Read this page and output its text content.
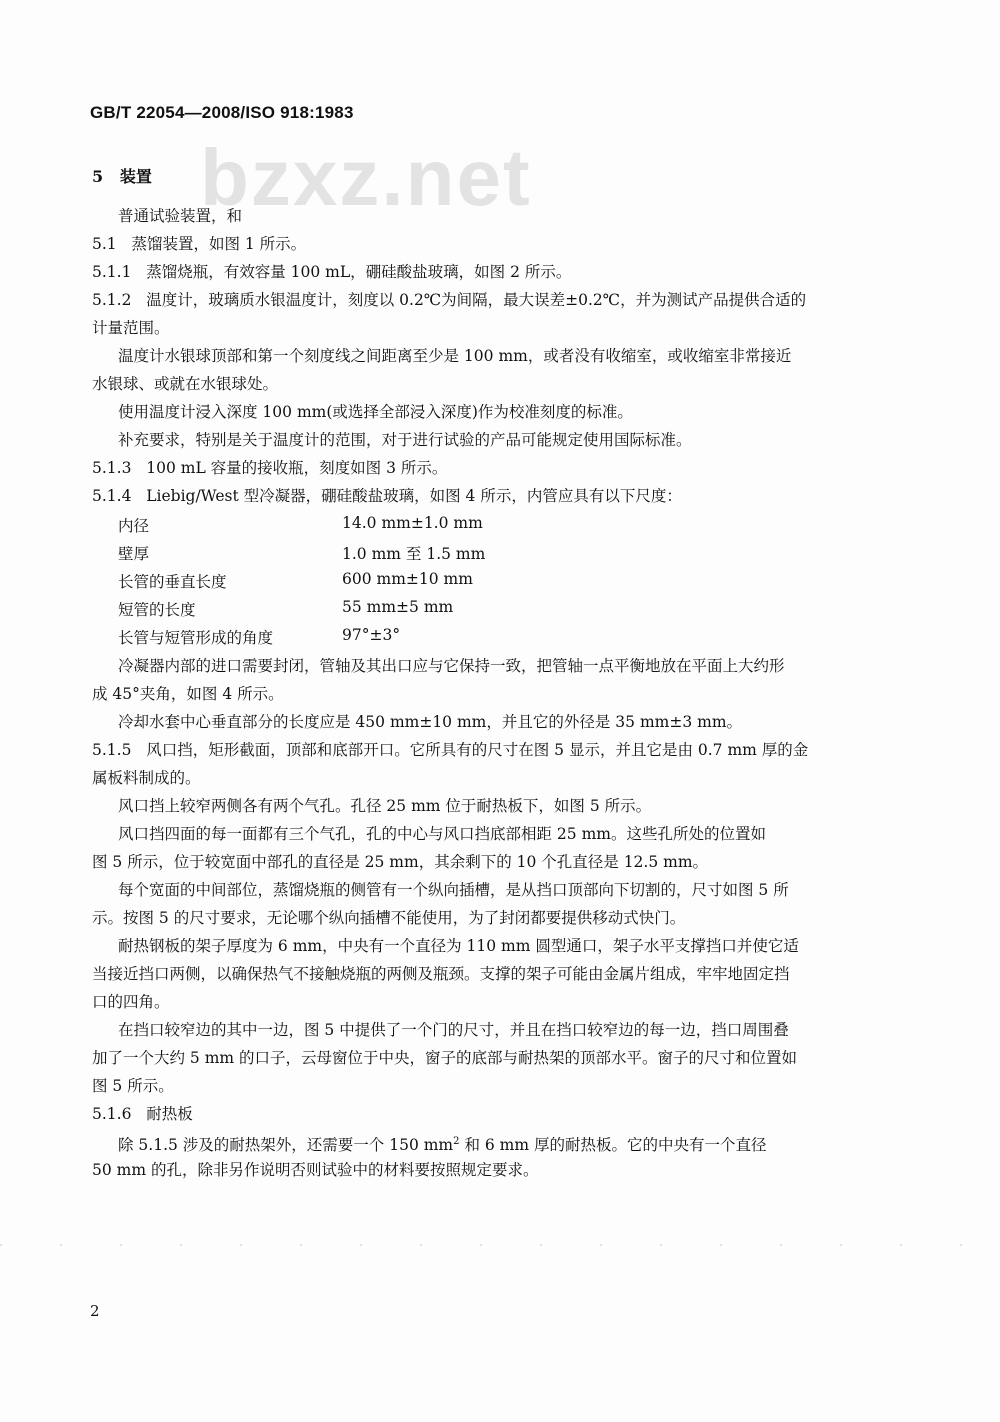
bzxz.net
GB/T 22054—2008/ISO 918:1983
5 装置
普通试验装置，和
5.1 蒸馏装置，如图 1 所示。
5.1.1 蒸馏烧瓶，有效容量 100 mL，硼硅酸盐玻璃，如图 2 所示。
5.1.2 温度计，玻璃质水银温度计，刻度以 0.2℃为间隔，最大误差±0.2℃，并为测试产品提供合适的
计量范围。
温度计水银球顶部和第一个刻度线之间距离至少是 100 mm，或者没有收缩室，或收缩室非常接近
水银球、或就在水银球处。
使用温度计浸入深度 100 mm(或选择全部浸入深度)作为校准刻度的标准。
补充要求，特别是关于温度计的范围，对于进行试验的产品可能规定使用国际标准。
5.1.3 100 mL 容量的接收瓶，刻度如图 3 所示。
5.1.4 Liebig/West 型冷凝器，硼硅酸盐玻璃，如图 4 所示，内管应具有以下尺度：
内径	14.0 mm±1.0 mm
壁厚	1.0 mm 至 1.5 mm
长管的垂直长度	600 mm±10 mm
短管的长度	55 mm±5 mm
长管与短管形成的角度	97°±3°
冷凝器内部的进口需要封闭，管轴及其出口应与它保持一致，把管轴一点平衡地放在平面上大约形
成 45°夹角，如图 4 所示。
冷却水套中心垂直部分的长度应是 450 mm±10 mm，并且它的外径是 35 mm±3 mm。
5.1.5 风口挡，矩形截面，顶部和底部开口。它所具有的尺寸在图 5 显示，并且它是由 0.7 mm 厚的金
属板料制成的。
风口挡上较窄两侧各有两个气孔。孔径 25 mm 位于耐热板下，如图 5 所示。
风口挡四面的每一面都有三个气孔，孔的中心与风口挡底部相距 25 mm。这些孔所处的位置如
图 5 所示，位于较宽面中部孔的直径是 25 mm，其余剩下的 10 个孔直径是 12.5 mm。
每个宽面的中间部位，蒸馏烧瓶的侧管有一个纵向插槽，是从挡口顶部向下切割的，尺寸如图 5 所
示。按图 5 的尺寸要求，无论哪个纵向插槽不能使用，为了封闭都要提供移动式快门。
耐热钢板的架子厚度为 6 mm，中央有一个直径为 110 mm 圆型通口，架子水平支撑挡口并使它适
当接近挡口两侧，以确保热气不接触烧瓶的两侧及瓶颈。支撑的架子可能由金属片组成，牢牢地固定挡
口的四角。
在挡口较窄边的其中一边，图 5 中提供了一个门的尺寸，并且在挡口较窄边的每一边，挡口周围叠
加了一个大约 5 mm 的口子，云母窗位于中央，窗子的底部与耐热架的顶部水平。窗子的尺寸和位置如
图 5 所示。
5.1.6 耐热板
除 5.1.5 涉及的耐热架外，还需要一个 150 $mm^2$ 和 6 mm 厚的耐热板。它的中央有一个直径
50 mm 的孔，除非另作说明否则试验中的材料要按照规定要求。
2
